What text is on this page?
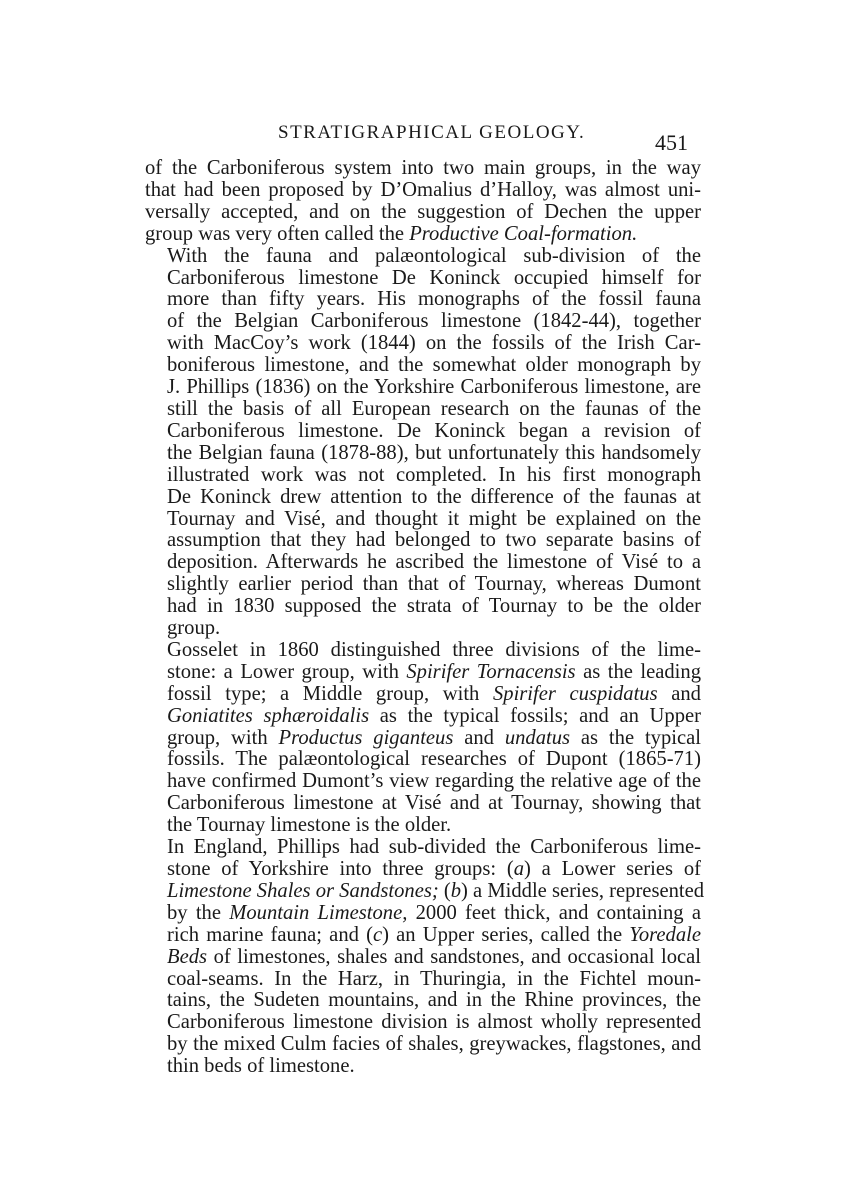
STRATIGRAPHICAL GEOLOGY.	451

of the Carboniferous system into two main groups, in the way
that had been proposed by D’Omalius d’Halloy, was almost uni-
versally accepted, and on the suggestion of Dechen the upper
group was very often called the Productive Coal-formation.

With the fauna and palæontological sub-division of the
Carboniferous limestone De Koninck occupied himself for
more than fifty years. His monographs of the fossil fauna
of the Belgian Carboniferous limestone (1842-44), together
with MacCoy’s work (1844) on the fossils of the Irish Car-
boniferous limestone, and the somewhat older monograph by
J. Phillips (1836) on the Yorkshire Carboniferous limestone, are
still the basis of all European research on the faunas of the
Carboniferous limestone. De Koninck began a revision of
the Belgian fauna (1878-88), but unfortunately this handsomely
illustrated work was not completed. In his first monograph
De Koninck drew attention to the difference of the faunas at
Tournay and Visé, and thought it might be explained on the
assumption that they had belonged to two separate basins of
deposition. Afterwards he ascribed the limestone of Visé to a
slightly earlier period than that of Tournay, whereas Dumont
had in 1830 supposed the strata of Tournay to be the older
group.

Gosselet in 1860 distinguished three divisions of the lime-
stone: a Lower group, with Spirifer Tornacensis as the leading
fossil type; a Middle group, with Spirifer cuspidatus and
Goniatites sphæroidalis as the typical fossils; and an Upper
group, with Productus giganteus and undatus as the typical
fossils. The palæontological researches of Dupont (1865-71)
have confirmed Dumont’s view regarding the relative age of the
Carboniferous limestone at Visé and at Tournay, showing that
the Tournay limestone is the older.

In England, Phillips had sub-divided the Carboniferous lime-
stone of Yorkshire into three groups: (a) a Lower series of
Limestone Shales or Sandstones; (b) a Middle series, represented
by the Mountain Limestone, 2000 feet thick, and containing a
rich marine fauna; and (c) an Upper series, called the Yoredale
Beds of limestones, shales and sandstones, and occasional local
coal-seams. In the Harz, in Thuringia, in the Fichtel moun-
tains, the Sudeten mountains, and in the Rhine provinces, the
Carboniferous limestone division is almost wholly represented
by the mixed Culm facies of shales, greywackes, flagstones, and
thin beds of limestone.
